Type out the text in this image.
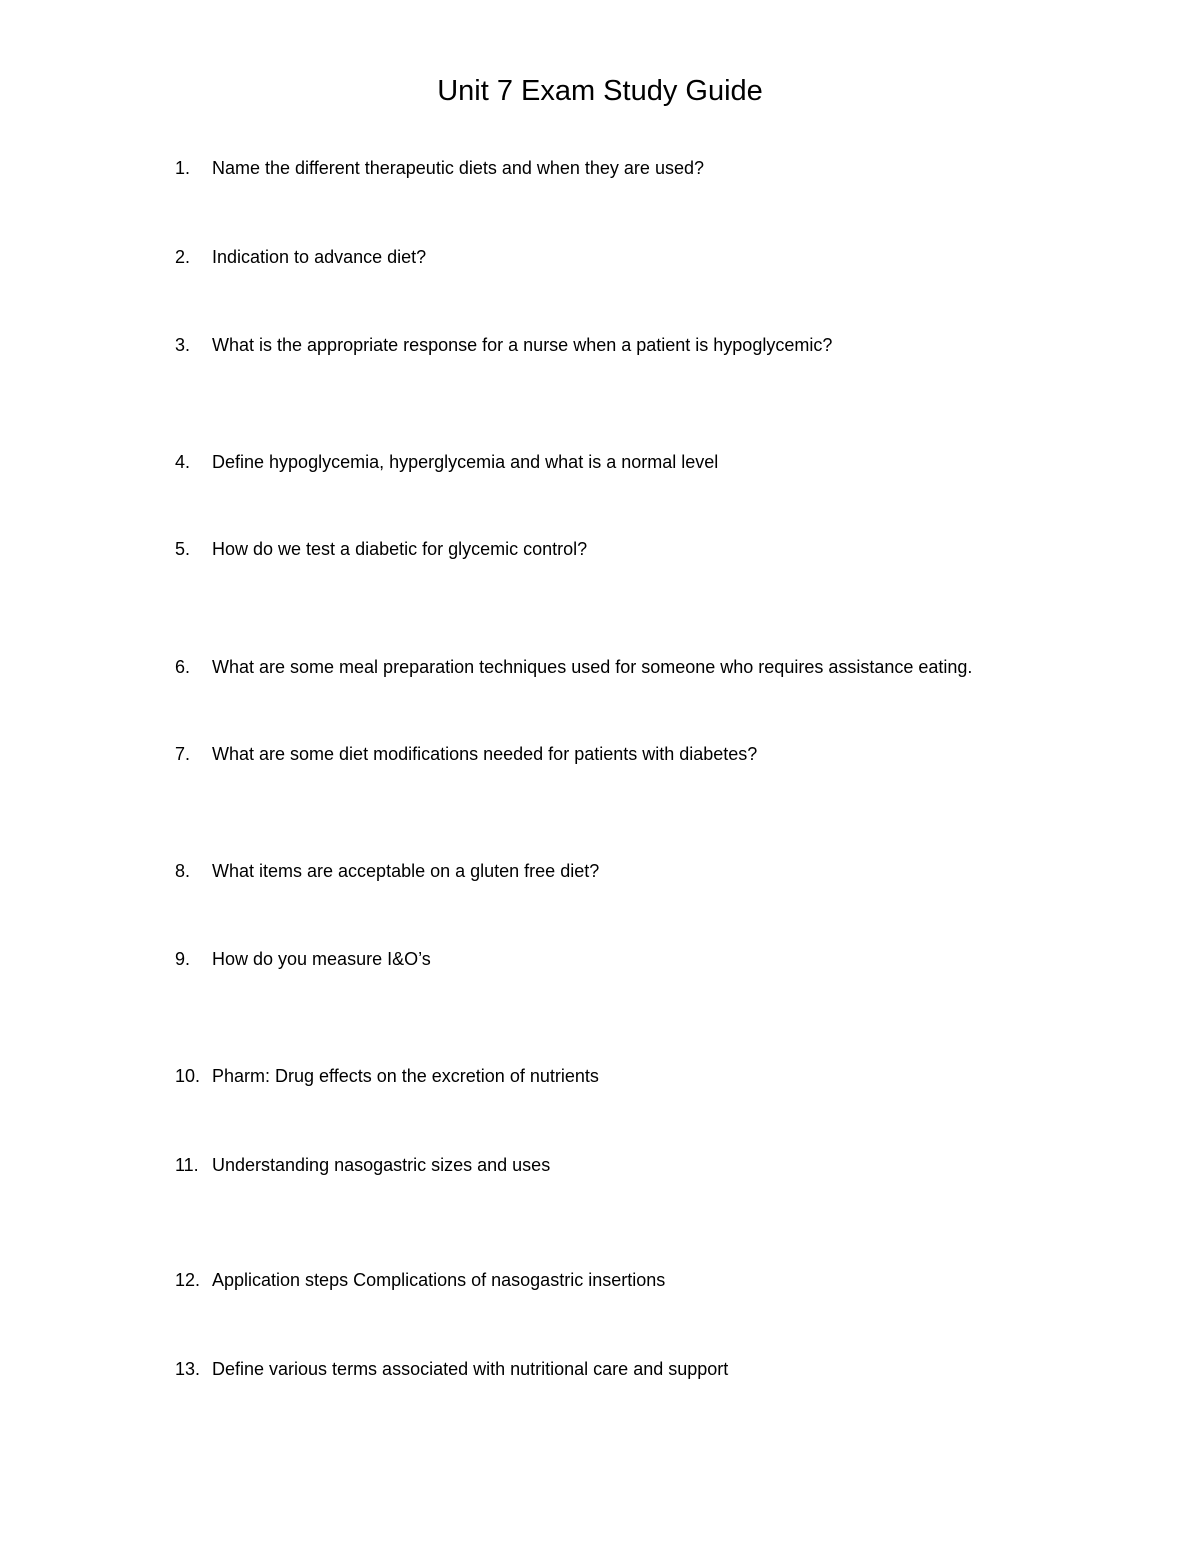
Unit 7 Exam Study Guide
1. Name the different therapeutic diets and when they are used?
2. Indication to advance diet?
3. What is the appropriate response for a nurse when a patient is hypoglycemic?
4. Define hypoglycemia, hyperglycemia and what is a normal level
5. How do we test a diabetic for glycemic control?
6. What are some meal preparation techniques used for someone who requires assistance eating.
7. What are some diet modifications needed for patients with diabetes?
8. What items are acceptable on a gluten free diet?
9. How do you measure I&O’s
10. Pharm: Drug effects on the excretion of nutrients
11. Understanding nasogastric sizes and uses
12. Application steps Complications of nasogastric insertions
13. Define various terms associated with nutritional care and support
